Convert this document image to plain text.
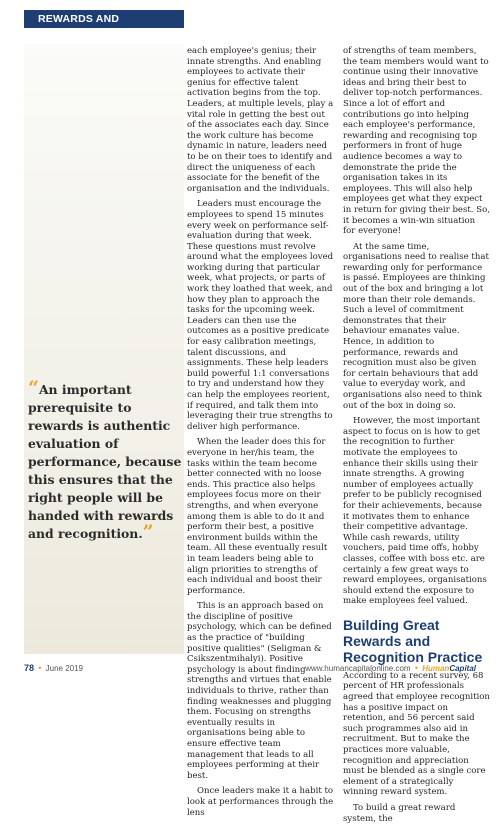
REWARDS AND RECOGNITION
“An important prerequisite to rewards is authentic evaluation of performance, because this ensures that the right people will be handed with rewards and recognition.”

each employee's genius; their innate strengths. And enabling employees to activate their genius for effective talent activation begins from the top. Leaders, at multiple levels, play a vital role in getting the best out of the associates each day. Since the work culture has become dynamic in nature, leaders need to be on their toes to identify and direct the uniqueness of each associate for the benefit of the organisation and the individuals.

Leaders must encourage the employees to spend 15 minutes every week on performance self-evaluation during that week. These questions must revolve around what the employees loved working during that particular week, what projects, or parts of work they loathed that week, and how they plan to approach the tasks for the upcoming week. Leaders can then use the outcomes as a positive predicate for easy calibration meetings, talent discussions, and assignments. These help leaders build powerful 1:1 conversations to try and understand how they can help the employees reorient, if required, and talk them into leveraging their true strengths to deliver high performance.

When the leader does this for everyone in her/his team, the tasks within the team become better connected with no loose ends. This practice also helps employees focus more on their strengths, and when everyone among them is able to do it and perform their best, a positive environment builds within the team. All these eventually result in team leaders being able to align priorities to strengths of each individual and boost their performance.

This is an approach based on the discipline of positive psychology, which can be defined as the practice of "building positive qualities" (Seligman & Csikszentmihalyi). Positive psychology is about finding strengths and virtues that enable individuals to thrive, rather than finding weaknesses and plugging them. Focusing on strengths eventually results in organisations being able to ensure effective team management that leads to all employees performing at their best.

Once leaders make it a habit to look at performances through the lens

of strengths of team members, the team members would want to continue using their innovative ideas and bring their best to deliver top-notch performances. Since a lot of effort and contributions go into helping each employee's performance, rewarding and recognising top performers in front of huge audience becomes a way to demonstrate the pride the organisation takes in its employees. This will also help employees get what they expect in return for giving their best. So, it becomes a win-win situation for everyone!

At the same time, organisations need to realise that rewarding only for performance is passé. Employees are thinking out of the box and bringing a lot more than their role demands. Such a level of commitment demonstrates that their behaviour emanates value. Hence, in addition to performance, rewards and recognition must also be given for certain behaviours that add value to everyday work, and organisations also need to think out of the box in doing so.

However, the most important aspect to focus on is how to get the recognition to further motivate the employees to enhance their skills using their innate strengths. A growing number of employees actually prefer to be publicly recognised for their achievements, because it motivates them to enhance their competitive advantage. While cash rewards, utility vouchers, paid time offs, hobby classes, coffee with boss etc. are certainly a few great ways to reward employees, organisations should extend the exposure to make employees feel valued.

Building Great Rewards and Recognition Practice

According to a recent survey, 68 percent of HR professionals agreed that employee recognition has a positive impact on retention, and 56 percent said such programmes also aid in recruitment. But to make the practices more valuable, recognition and appreciation must be blended as a single core element of a strategically winning reward system.

To build a great reward system, the

78 • June 2019	www.humancapitalonline.com • HumanCapital
